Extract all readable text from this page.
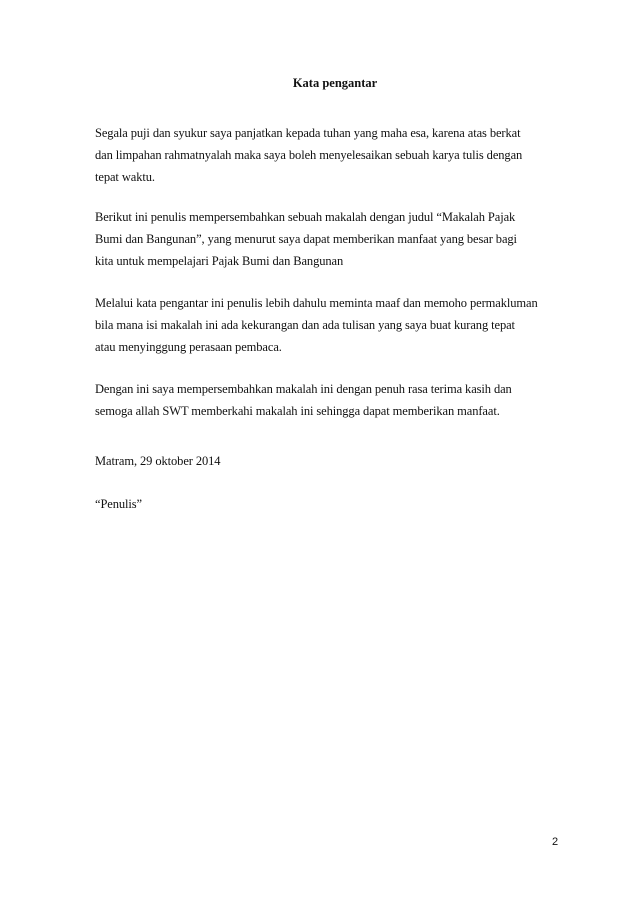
Kata pengantar
Segala puji dan syukur saya panjatkan kepada tuhan yang maha esa, karena atas berkat
dan limpahan rahmatnyalah maka saya boleh menyelesaikan sebuah karya tulis dengan
tepat waktu.
Berikut ini penulis mempersembahkan sebuah makalah dengan judul “Makalah Pajak
Bumi dan Bangunan”, yang menurut saya dapat memberikan manfaat yang besar bagi
kita untuk mempelajari Pajak Bumi dan Bangunan
Melalui kata pengantar ini penulis lebih dahulu meminta maaf dan memoho permakluman
bila mana isi makalah ini ada kekurangan dan ada tulisan yang saya buat kurang tepat
atau menyinggung perasaan pembaca.
Dengan ini saya mempersembahkan makalah ini dengan penuh rasa terima kasih dan
semoga allah SWT memberkahi makalah ini sehingga dapat memberikan manfaat.
Matram, 29 oktober 2014
“Penulis”
2
